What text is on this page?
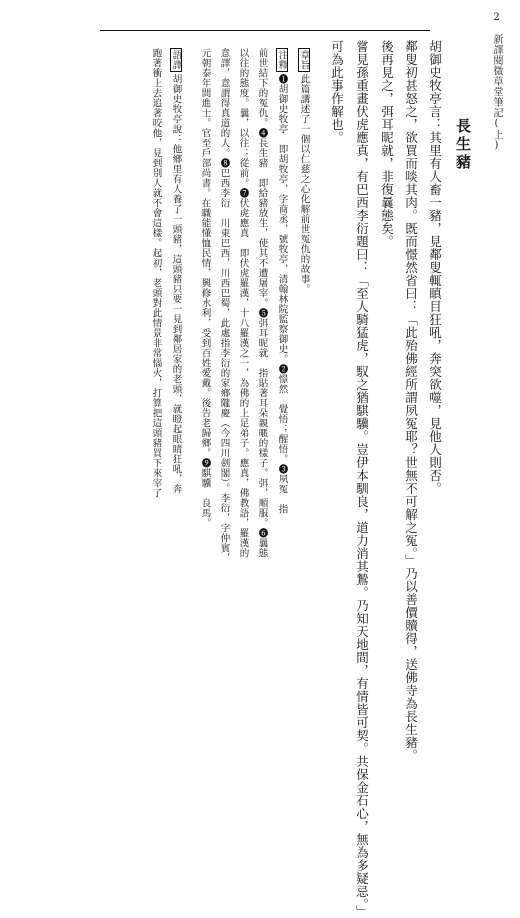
2
新譯閱微草堂筆記(上)
長生豬
胡御史牧亭言：其里有人畜一豬，見鄰叟輒瞋目狂吼，奔突欲噬，見他人則否。
鄰叟初甚怒之，欲買而啖其肉。既而憬然省曰：「此殆佛經所謂夙冤耶？世無不可解之冤。」乃以善價贖得，送佛寺為長生豬。
後再見之，弭耳昵就，非復曩態矣。
嘗見孫重畫伏虎應真，有巴西李衍題曰：「至人騎猛虎，馭之猶騏驥。豈伊本馴良，道力消其鷙。乃知天地間，有情皆可契。共保金石心，無為多疑忌。」
可為此事作解也。
章旨此篇講述了一個以仁慈之心化解前世冤仇的故事。
注釋❶胡御史牧亭　即胡牧亭，字商丞，號牧亭，清翰林院監察御史。❷憬然　覺悟；醒悟。❸夙冤　指
前世結下的冤仇。❹長生豬　即給豬放生，使其不遭屠宰。❺弭耳昵就　指貼著耳朵親暱的樣子。弭，順服。❻曩態
以往的態度。曩，以往；從前。❼伏虎應真　即伏虎羅漢，十八羅漢之一，為佛的上足弟子。應真，佛教語，羅漢的
意譯，意謂得真道的人。❽巴西李衍　川東巴西，川西巴蜀，此處指李衍的家鄉隴慶（今四川劍閣）。李衍，字仲賓，
元朝泰年間進士。官至戶部尚書。在職能懂恤民情，興修水利，受到百姓愛戴。後告老歸鄉。❾騏驥　良馬。
語譯胡御史牧亭說：他鄉里有人養了一頭豬，這頭豬只要一見到鄰居家的老頭，就瞪起眼睛狂吼，奔
跑著衝上去追著咬他，見到別人就不會這樣。起初，老頭對此情景非常惱火，打算把這頭豬買下來宰了
